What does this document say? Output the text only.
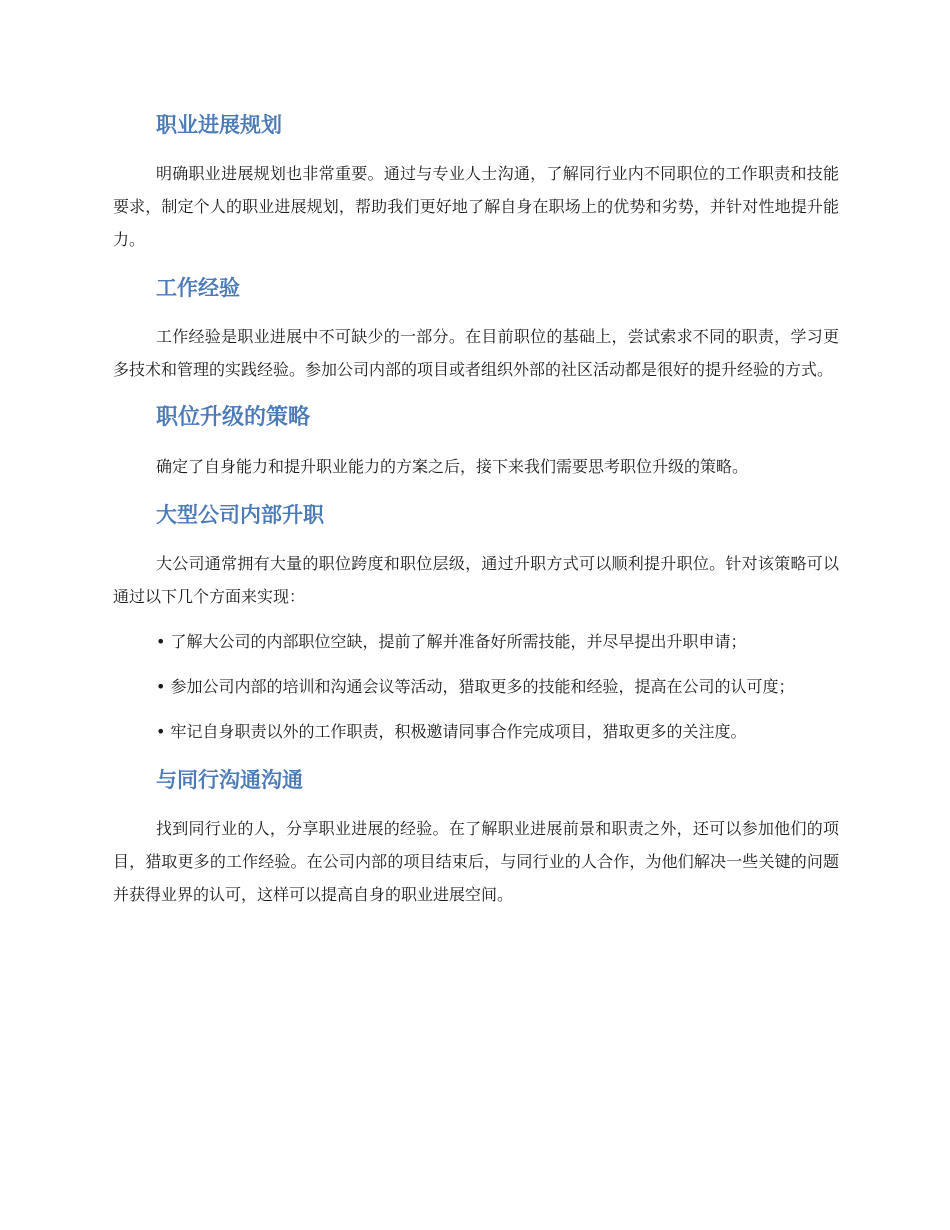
职业进展规划

明确职业进展规划也非常重要。通过与专业人士沟通，了解同行业内不同职位的工作职责和技能要求，制定个人的职业进展规划，帮助我们更好地了解自身在职场上的优势和劣势，并针对性地提升能力。

工作经验

工作经验是职业进展中不可缺少的一部分。在目前职位的基础上，尝试索求不同的职责，学习更多技术和管理的实践经验。参加公司内部的项目或者组织外部的社区活动都是很好的提升经验的方式。

职位升级的策略

确定了自身能力和提升职业能力的方案之后，接下来我们需要思考职位升级的策略。

大型公司内部升职

大公司通常拥有大量的职位跨度和职位层级，通过升职方式可以顺利提升职位。针对该策略可以通过以下几个方面来实现：

• 了解大公司的内部职位空缺，提前了解并准备好所需技能，并尽早提出升职申请；

• 参加公司内部的培训和沟通会议等活动，猎取更多的技能和经验，提高在公司的认可度；

• 牢记自身职责以外的工作职责，积极邀请同事合作完成项目，猎取更多的关注度。

与同行沟通沟通

找到同行业的人，分享职业进展的经验。在了解职业进展前景和职责之外，还可以参加他们的项目，猎取更多的工作经验。在公司内部的项目结束后，与同行业的人合作，为他们解决一些关键的问题并获得业界的认可，这样可以提高自身的职业进展空间。
